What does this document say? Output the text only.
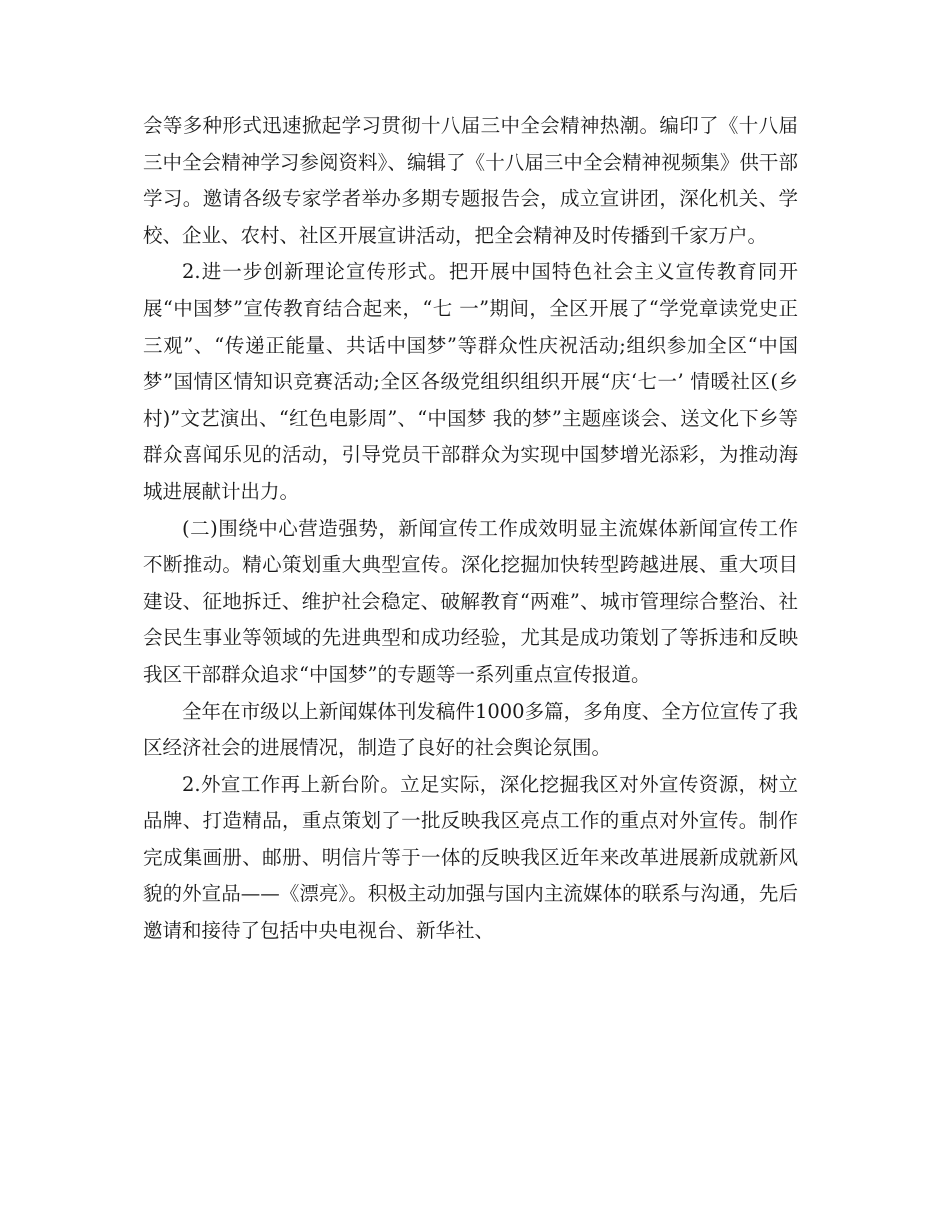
会等多种形式迅速掀起学习贯彻十八届三中全会精神热潮。编印了《十八届三中全会精神学习参阅资料》、编辑了《十八届三中全会精神视频集》供干部学习。邀请各级专家学者举办多期专题报告会，成立宣讲团，深化机关、学校、企业、农村、社区开展宣讲活动，把全会精神及时传播到千家万户。

2.进一步创新理论宣传形式。把开展中国特色社会主义宣传教育同开展“中国梦”宣传教育结合起来，“七 一”期间，全区开展了“学党章读党史正三观”、“传递正能量、共话中国梦”等群众性庆祝活动;组织参加全区“中国梦”国情区情知识竞赛活动;全区各级党组织组织开展“庆‘七一’ 情暖社区(乡村)”文艺演出、“红色电影周”、“中国梦 我的梦”主题座谈会、送文化下乡等群众喜闻乐见的活动，引导党员干部群众为实现中国梦增光添彩，为推动海城进展献计出力。

(二)围绕中心营造强势，新闻宣传工作成效明显主流媒体新闻宣传工作不断推动。精心策划重大典型宣传。深化挖掘加快转型跨越进展、重大项目建设、征地拆迁、维护社会稳定、破解教育“两难”、城市管理综合整治、社会民生事业等领域的先进典型和成功经验，尤其是成功策划了等拆违和反映我区干部群众追求“中国梦”的专题等一系列重点宣传报道。

全年在市级以上新闻媒体刊发稿件1000多篇，多角度、全方位宣传了我区经济社会的进展情况，制造了良好的社会舆论氛围。

2.外宣工作再上新台阶。立足实际，深化挖掘我区对外宣传资源，树立品牌、打造精品，重点策划了一批反映我区亮点工作的重点对外宣传。制作完成集画册、邮册、明信片等于一体的反映我区近年来改革进展新成就新风貌的外宣品——《漂亮》。积极主动加强与国内主流媒体的联系与沟通，先后邀请和接待了包括中央电视台、新华社、
